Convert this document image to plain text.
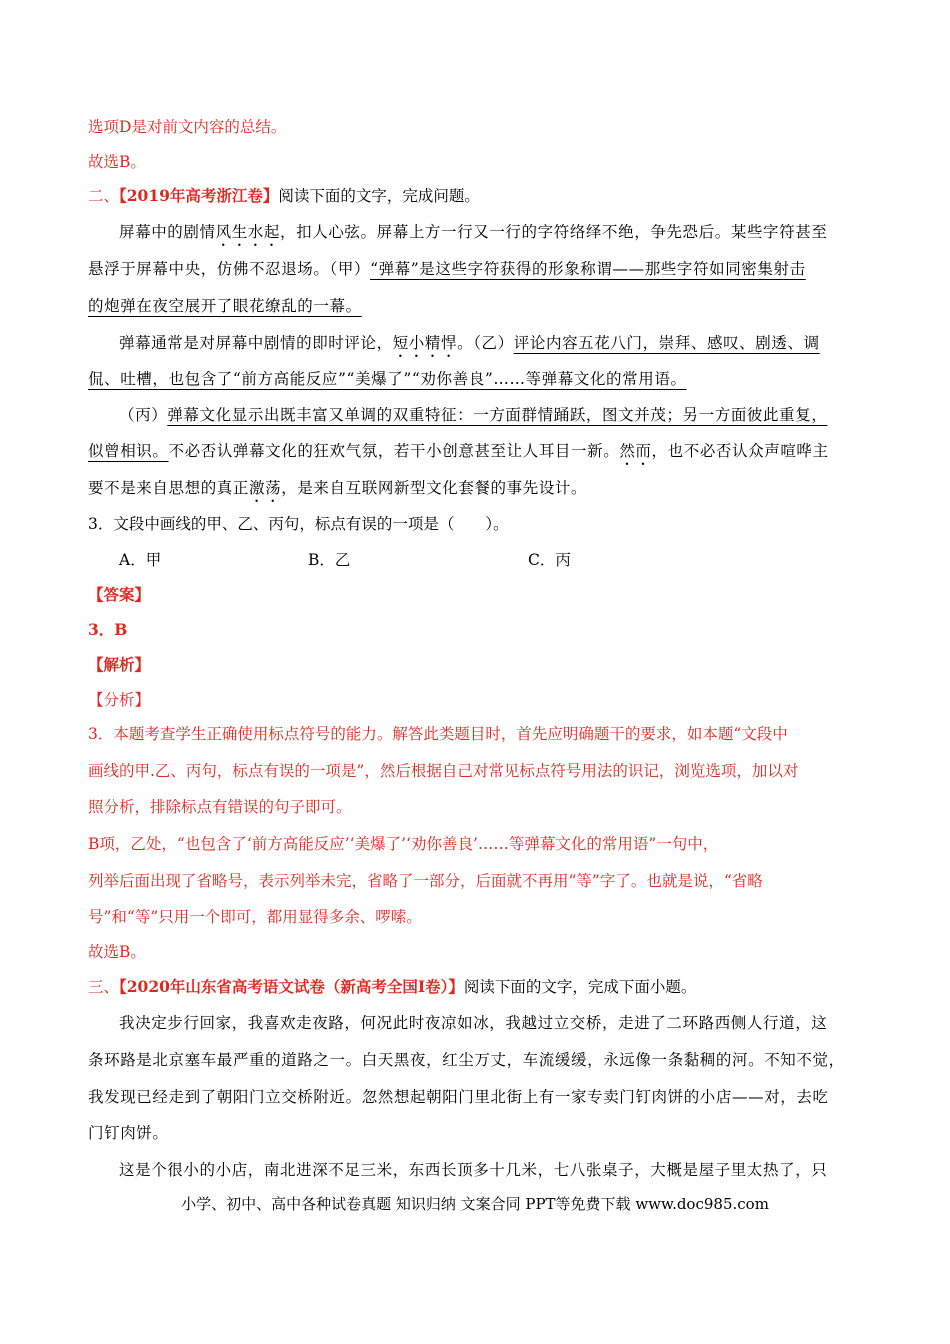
选项D是对前文内容的总结。
故选B。
二、【2019年高考浙江卷】阅读下面的文字，完成问题。
屏幕中的剧情风生水起，扣人心弦。屏幕上方一行又一行的字符络绎不绝，争先恐后。某些字符甚至
悬浮于屏幕中央，仿佛不忍退场。（甲）“弹幕”是这些字符获得的形象称谓——那些字符如同密集射击
的炮弹在夜空展开了眼花缭乱的一幕。
弹幕通常是对屏幕中剧情的即时评论，短小精悍。（乙）评论内容五花八门，崇拜、感叹、剧透、调
侃、吐槽，也包含了“前方高能反应”“美爆了”“劝你善良”……等弹幕文化的常用语。
（丙）弹幕文化显示出既丰富又单调的双重特征：一方面群情踊跃，图文并茂；另一方面彼此重复，
似曾相识。不必否认弹幕文化的狂欢气氛，若干小创意甚至让人耳目一新。然而，也不必否认众声喧哗主
要不是来自思想的真正激荡，是来自互联网新型文化套餐的事先设计。
3．文段中画线的甲、乙、丙句，标点有误的一项是（　　）。
A．甲	B．乙	C．丙
【答案】
3．B
【解析】
【分析】
3．本题考查学生正确使用标点符号的能力。解答此类题目时，首先应明确题干的要求，如本题“文段中
画线的甲.乙、丙句，标点有误的一项是”，然后根据自己对常见标点符号用法的识记，浏览选项，加以对
照分析，排除标点有错误的句子即可。
B项，乙处，“也包含了‘前方高能反应’‘美爆了’‘劝你善良’……等弹幕文化的常用语”一句中，
列举后面出现了省略号，表示列举未完，省略了一部分，后面就不再用“等”字了。也就是说，“省略
号”和“等”只用一个即可，都用显得多余、啰嗦。
故选B。
三、【2020年山东省高考语文试卷（新高考全国Ⅰ卷）】阅读下面的文字，完成下面小题。
我决定步行回家，我喜欢走夜路，何况此时夜凉如冰，我越过立交桥，走进了二环路西侧人行道，这
条环路是北京塞车最严重的道路之一。白天黑夜，红尘万丈，车流缓缓，永远像一条黏稠的河。不知不觉，
我发现已经走到了朝阳门立交桥附近。忽然想起朝阳门里北街上有一家专卖门钉肉饼的小店——对，去吃
门钉肉饼。
这是个很小的小店，南北进深不足三米，东西长顶多十几米，七八张桌子，大概是屋子里太热了，只
小学、初中、高中各种试卷真题 知识归纳 文案合同 PPT等免费下载 www.doc985.com
